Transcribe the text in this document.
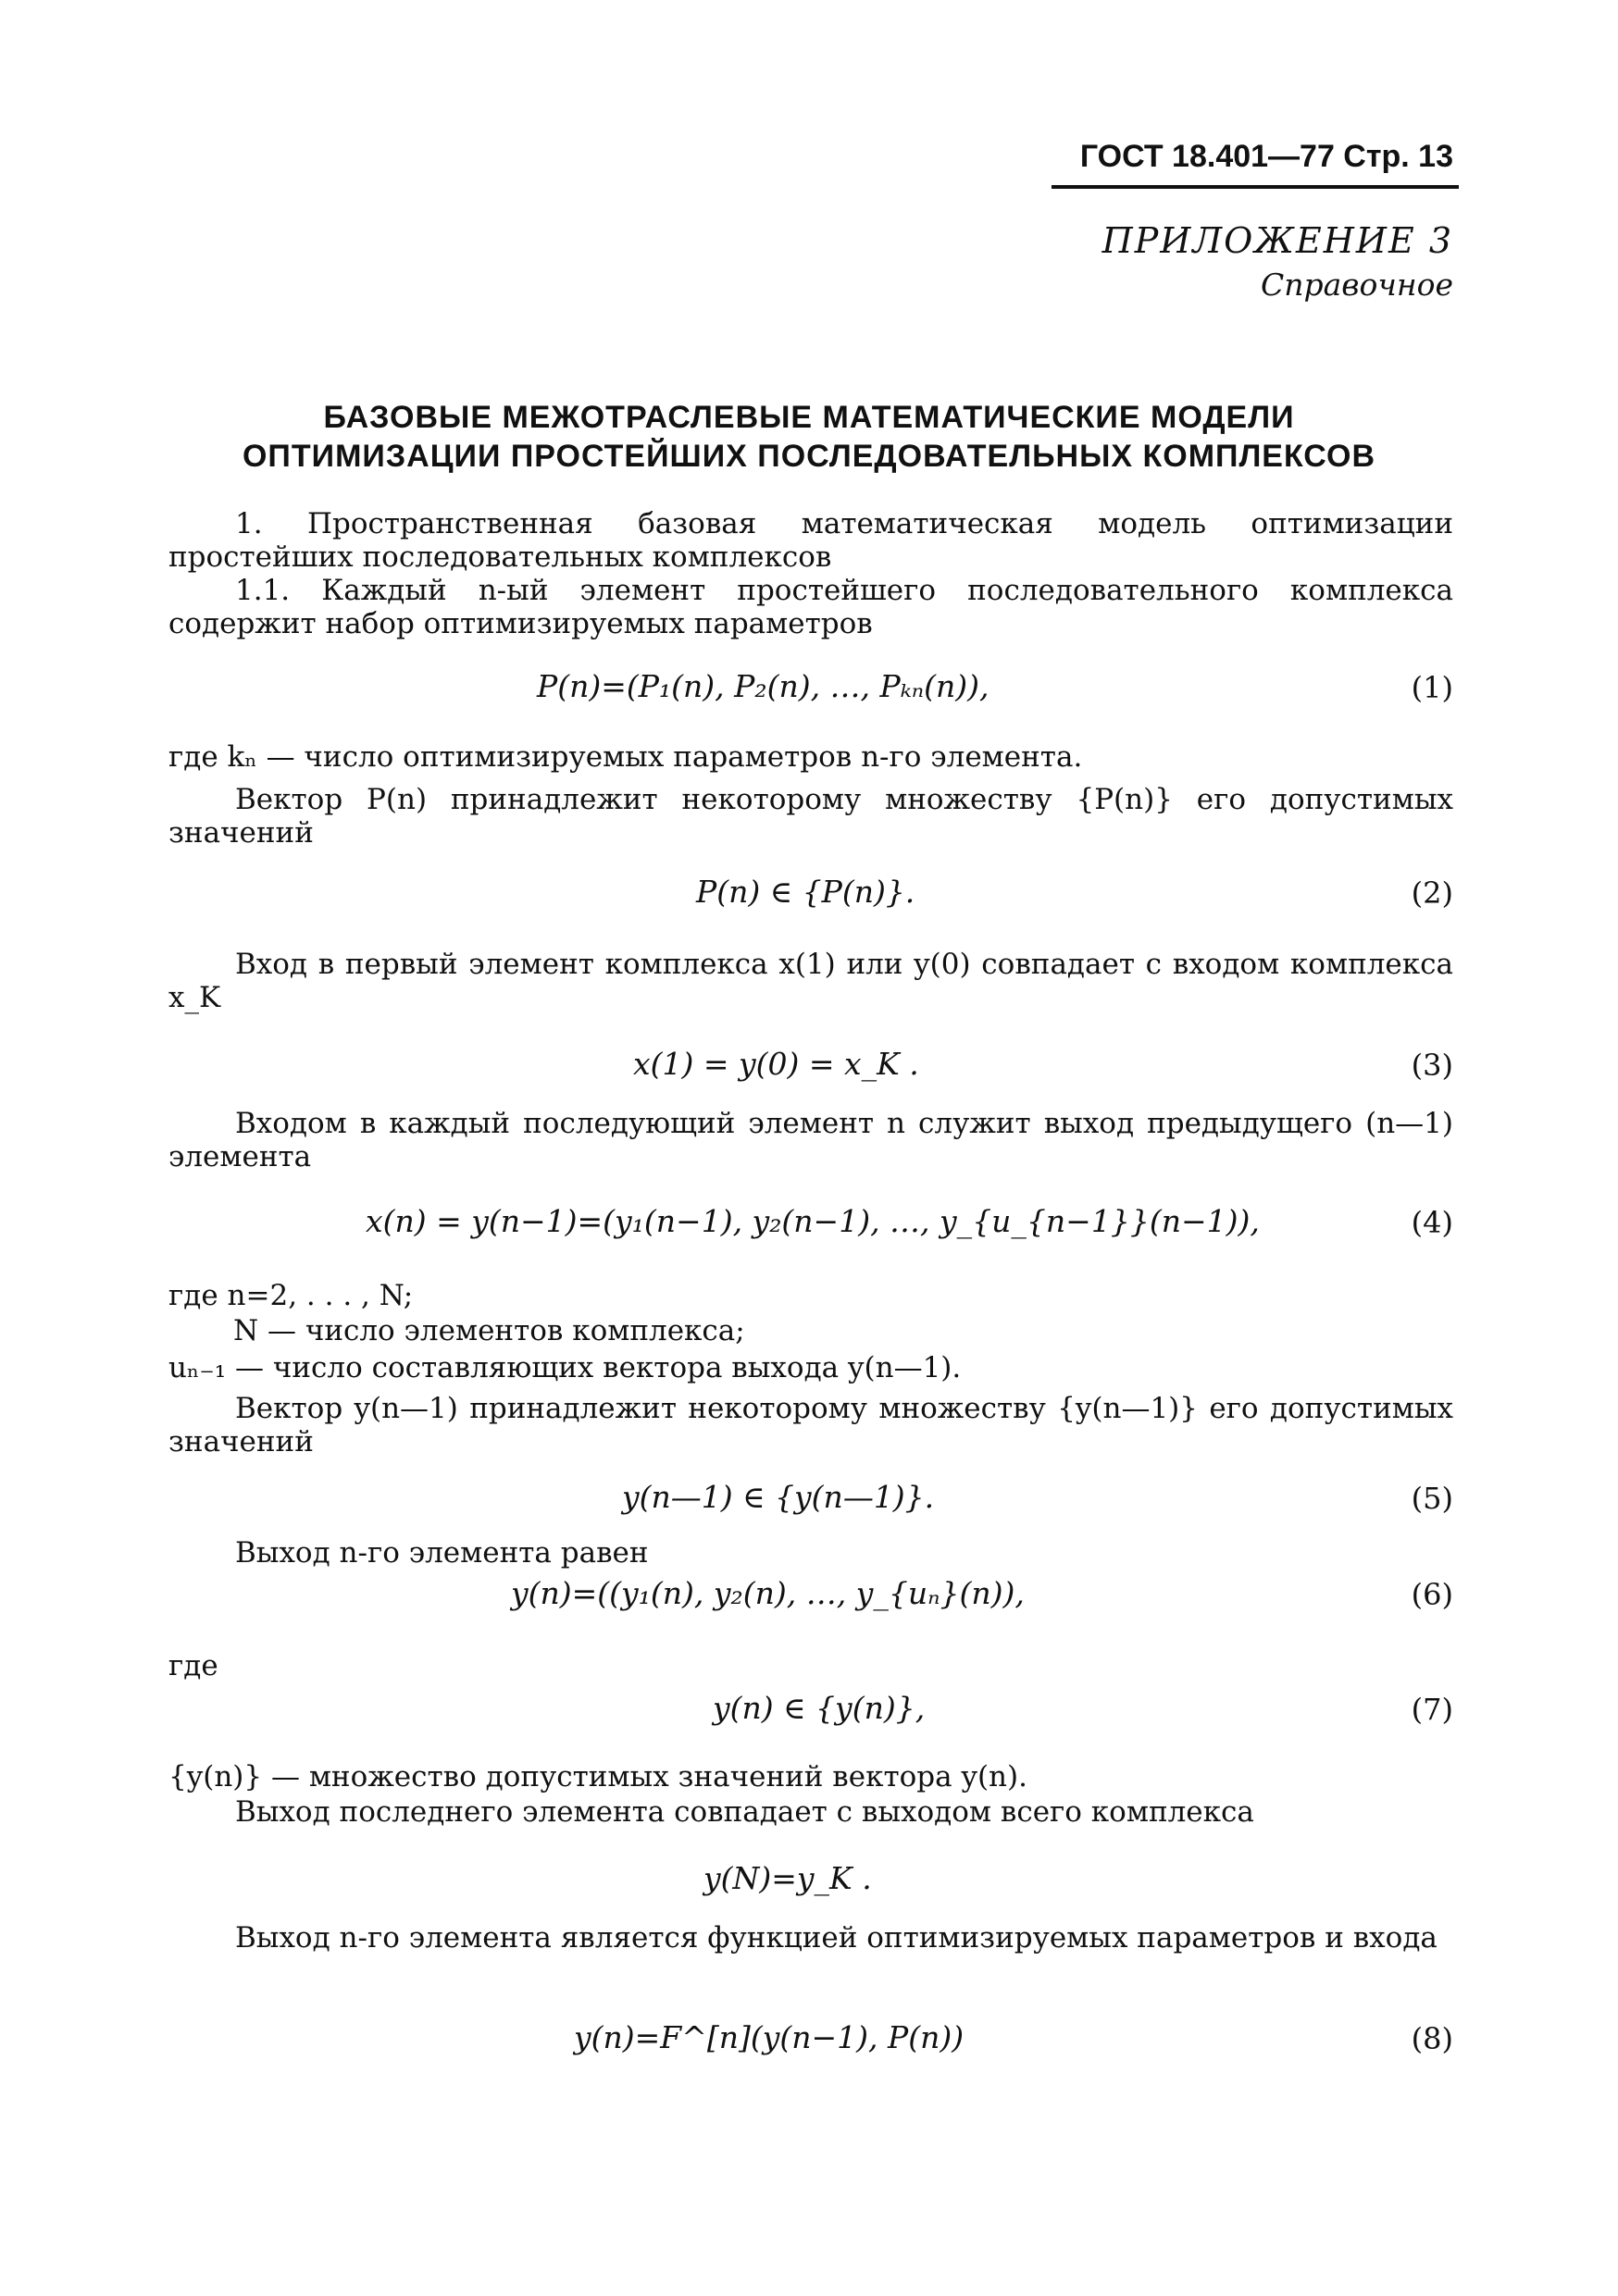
ГОСТ 18.401—77 Стр. 13
ПРИЛОЖЕНИЕ 3
Справочное
БАЗОВЫЕ МЕЖОТРАСЛЕВЫЕ МАТЕМАТИЧЕСКИЕ МОДЕЛИ
ОПТИМИЗАЦИИ ПРОСТЕЙШИХ ПОСЛЕДОВАТЕЛЬНЫХ КОМПЛЕКСОВ
1. Пространственная базовая математическая модель оптимизации простейших последовательных комплексов
1.1. Каждый n-ый элемент простейшего последовательного комплекса содержит набор оптимизируемых параметров
P(n)=(P₁(n), P₂(n), …, Pₖₙ(n)),	(1)
где kₙ — число оптимизируемых параметров n-го элемента.
Вектор P(n) принадлежит некоторому множеству {P(n)} его допустимых значений
P(n) ∈ {P(n)}.	(2)
Вход в первый элемент комплекса x(1) или y(0) совпадает с входом комплекса x_K
x(1) = y(0) = x_K .	(3)
Входом в каждый последующий элемент n служит выход предыдущего (n—1) элемента
x(n) = y(n−1)=(y₁(n−1), y₂(n−1), …, y_{u_{n−1}}(n−1)),	(4)
где n=2, . . . , N;
N — число элементов комплекса;
uₙ₋₁ — число составляющих вектора выхода y(n—1).
Вектор y(n—1) принадлежит некоторому множеству {y(n—1)} его допустимых значений
y(n—1) ∈ {y(n—1)}.	(5)
Выход n-го элемента равен
y(n)=((y₁(n), y₂(n), …, y_{uₙ}(n)),	(6)
где
y(n) ∈ {y(n)},	(7)
{y(n)} — множество допустимых значений вектора y(n).
Выход последнего элемента совпадает с выходом всего комплекса
y(N)=y_K .
Выход n-го элемента является функцией оптимизируемых параметров и входа
y(n)=F^[n](y(n−1), P(n))	(8)
